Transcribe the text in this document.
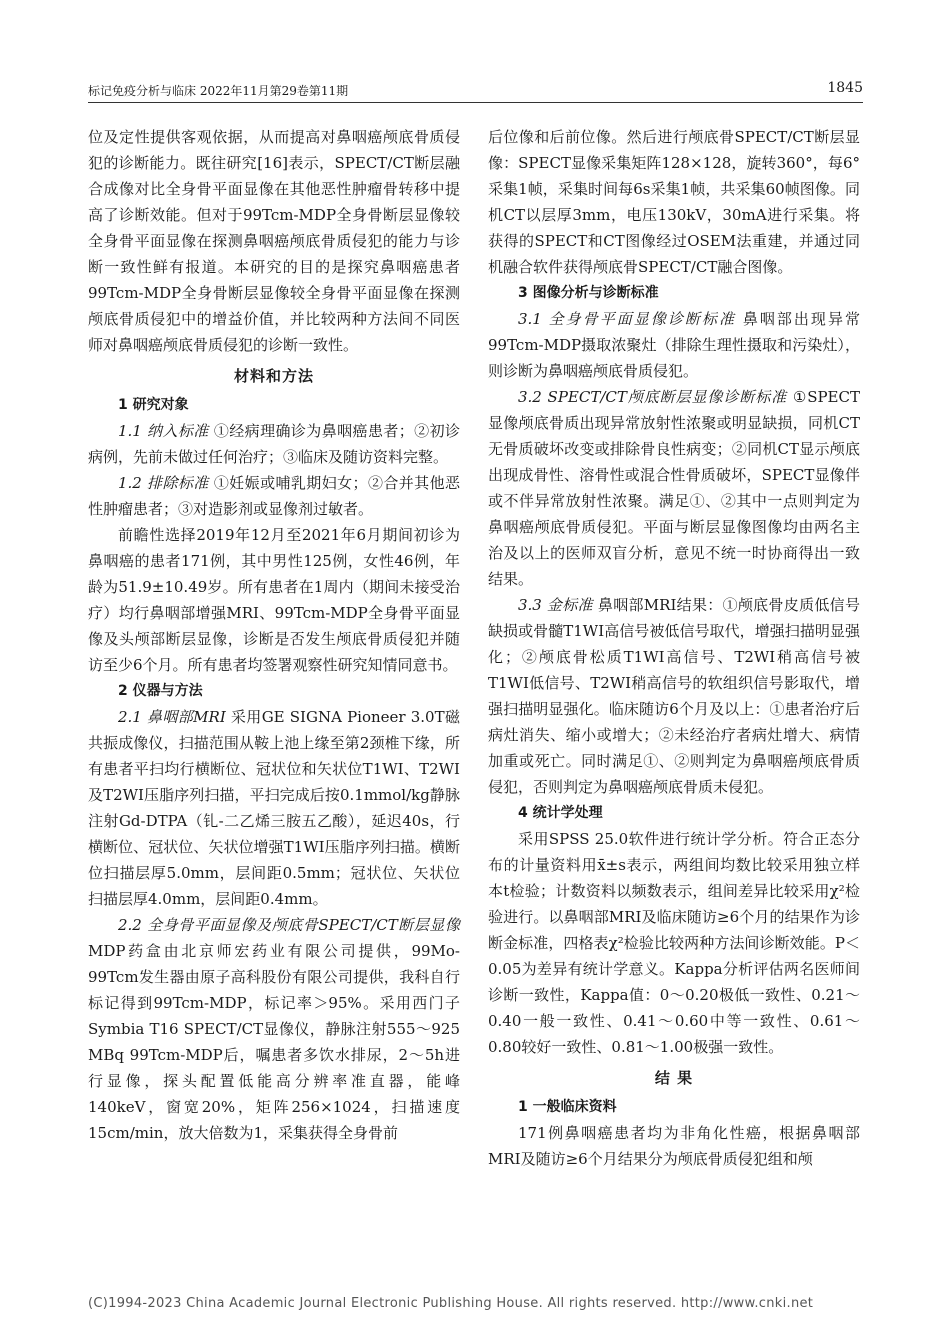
标记免疫分析与临床 2022年11月第29卷第11期	1845

位及定性提供客观依据，从而提高对鼻咽癌颅底骨质侵犯的诊断能力。既往研究[16]表示，SPECT/CT断层融合成像对比全身骨平面显像在其他恶性肿瘤骨转移中提高了诊断效能。但对于99Tcm-MDP全身骨断层显像较全身骨平面显像在探测鼻咽癌颅底骨质侵犯的能力与诊断一致性鲜有报道。本研究的目的是探究鼻咽癌患者99Tcm-MDP全身骨断层显像较全身骨平面显像在探测颅底骨质侵犯中的增益价值，并比较两种方法间不同医师对鼻咽癌颅底骨质侵犯的诊断一致性。

材料和方法
1 研究对象

1.1 纳入标准 ①经病理确诊为鼻咽癌患者；②初诊病例，先前未做过任何治疗；③临床及随访资料完整。

1.2 排除标准 ①妊娠或哺乳期妇女；②合并其他恶性肿瘤患者；③对造影剂或显像剂过敏者。

前瞻性选择2019年12月至2021年6月期间初诊为鼻咽癌的患者171例，其中男性125例，女性46例，年龄为51.9±10.49岁。所有患者在1周内（期间未接受治疗）均行鼻咽部增强MRI、99Tcm-MDP全身骨平面显像及头颅部断层显像，诊断是否发生颅底骨质侵犯并随访至少6个月。所有患者均签署观察性研究知情同意书。

2 仪器与方法

2.1 鼻咽部MRI 采用GE SIGNA Pioneer 3.0T磁共振成像仪，扫描范围从鞍上池上缘至第2颈椎下缘，所有患者平扫均行横断位、冠状位和矢状位T1WI、T2WI及T2WI压脂序列扫描，平扫完成后按0.1mmol/kg静脉注射Gd-DTPA（钆-二乙烯三胺五乙酸），延迟40s，行横断位、冠状位、矢状位增强T1WI压脂序列扫描。横断位扫描层厚5.0mm，层间距0.5mm；冠状位、矢状位扫描层厚4.0mm，层间距0.4mm。

2.2 全身骨平面显像及颅底骨SPECT/CT断层显像 MDP药盒由北京师宏药业有限公司提供，99Mo-99Tcm发生器由原子高科股份有限公司提供，我科自行标记得到99Tcm-MDP，标记率＞95%。采用西门子Symbia T16 SPECT/CT显像仪，静脉注射555～925 MBq 99Tcm-MDP后，嘱患者多饮水排尿，2～5h进行显像，探头配置低能高分辨率准直器，能峰140keV，窗宽20%，矩阵256×1024，扫描速度15cm/min，放大倍数为1，采集获得全身骨前

后位像和后前位像。然后进行颅底骨SPECT/CT断层显像：SPECT显像采集矩阵128×128，旋转360°，每6°采集1帧，采集时间每6s采集1帧，共采集60帧图像。同机CT以层厚3mm，电压130kV，30mA进行采集。将获得的SPECT和CT图像经过OSEM法重建，并通过同机融合软件获得颅底骨SPECT/CT融合图像。

3 图像分析与诊断标准

3.1 全身骨平面显像诊断标准 鼻咽部出现异常99Tcm-MDP摄取浓聚灶（排除生理性摄取和污染灶），则诊断为鼻咽癌颅底骨质侵犯。

3.2 SPECT/CT颅底断层显像诊断标准 ①SPECT显像颅底骨质出现异常放射性浓聚或明显缺损，同机CT无骨质破坏改变或排除骨良性病变；②同机CT显示颅底出现成骨性、溶骨性或混合性骨质破坏，SPECT显像伴或不伴异常放射性浓聚。满足①、②其中一点则判定为鼻咽癌颅底骨质侵犯。平面与断层显像图像均由两名主治及以上的医师双盲分析，意见不统一时协商得出一致结果。

3.3 金标准 鼻咽部MRI结果：①颅底骨皮质低信号缺损或骨髓T1WI高信号被低信号取代，增强扫描明显强化；②颅底骨松质T1WI高信号、T2WI稍高信号被T1WI低信号、T2WI稍高信号的软组织信号影取代，增强扫描明显强化。临床随访6个月及以上：①患者治疗后病灶消失、缩小或增大；②未经治疗者病灶增大、病情加重或死亡。同时满足①、②则判定为鼻咽癌颅底骨质侵犯，否则判定为鼻咽癌颅底骨质未侵犯。

4 统计学处理

采用SPSS 25.0软件进行统计学分析。符合正态分布的计量资料用x̄±s表示，两组间均数比较采用独立样本t检验；计数资料以频数表示，组间差异比较采用χ²检验进行。以鼻咽部MRI及临床随访≥6个月的结果作为诊断金标准，四格表χ²检验比较两种方法间诊断效能。P＜0.05为差异有统计学意义。Kappa分析评估两名医师间诊断一致性，Kappa值：0～0.20极低一致性、0.21～0.40一般一致性、0.41～0.60中等一致性、0.61～0.80较好一致性、0.81～1.00极强一致性。

结 果
1 一般临床资料

171例鼻咽癌患者均为非角化性癌，根据鼻咽部MRI及随访≥6个月结果分为颅底骨质侵犯组和颅

(C)1994-2023 China Academic Journal Electronic Publishing House. All rights reserved. http://www.cnki.net
